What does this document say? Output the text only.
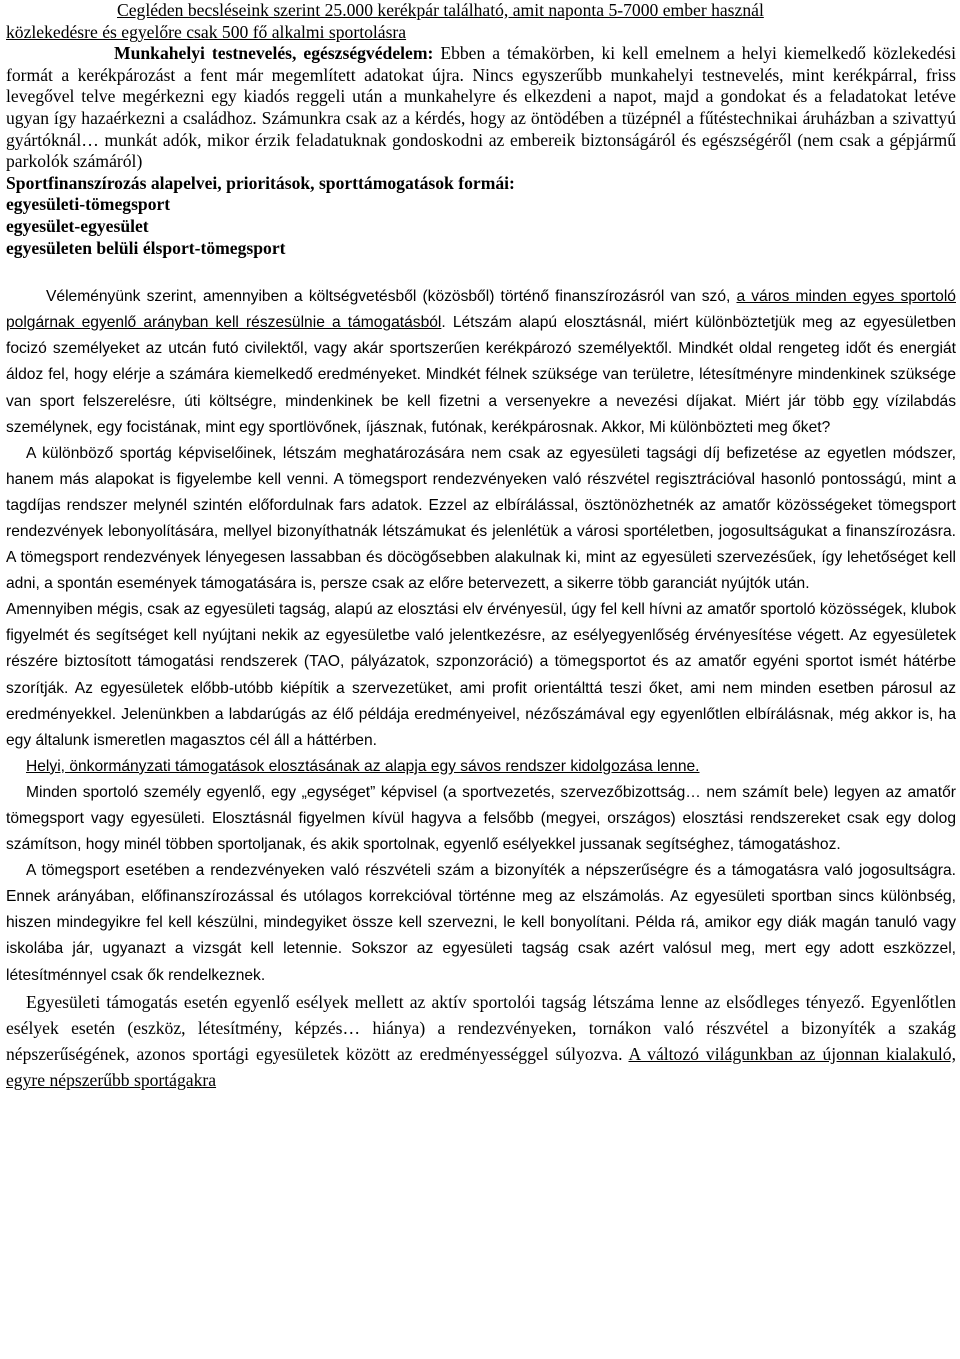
Cegléden becsléseink szerint 25.000 kerékpár található, amit naponta 5-7000 ember használ

közlekedésre és egyelőre csak 500 fő alkalmi sportolásra

Munkahelyi testnevelés, egészségvédelem: Ebben a témakörben, ki kell emelnem a helyi kiemelkedő közlekedési formát a kerékpározást a fent már megemlített adatokat újra. Nincs egyszerűbb munkahelyi testnevelés, mint kerékpárral, friss levegővel telve megérkezni egy kiadós reggeli után a munkahelyre és elkezdeni a napot, majd a gondokat és a feladatokat letéve ugyan így hazaérkezni a családhoz. Számunkra csak az a kérdés, hogy az öntödében a tüzépnél a fűtéstechnikai áruházban a szivattyú gyártóknál… munkát adók, mikor érzik feladatuknak gondoskodni az embereik biztonságáról és egészségéről (nem csak a gépjármű parkolók számáról)

Sportfinanszírozás alapelvei, prioritások, sporttámogatások formái:

egyesületi-tömegsport

egyesület-egyesület

egyesületen belüli élsport-tömegsport

Véleményünk szerint, amennyiben a költségvetésből (közösből) történő finanszírozásról van szó, a város minden egyes sportoló polgárnak egyenlő arányban kell részesülnie a támogatásból. Létszám alapú elosztásnál, miért különböztetjük meg az egyesületben focizó személyeket az utcán futó civilektől, vagy akár sportszerűen kerékpározó személyektől. Mindkét oldal rengeteg időt és energiát áldoz fel, hogy elérje a számára kiemelkedő eredményeket. Mindkét félnek szüksége van területre, létesítményre mindenkinek szüksége van sport felszerelésre, úti költségre, mindenkinek be kell fizetni a versenyekre a nevezési díjakat. Miért jár több egy vízilabdás személynek, egy focistának, mint egy sportlövőnek, íjásznak, futónak, kerékpárosnak. Akkor, Mi különbözteti meg őket?

A különböző sportág képviselőinek, létszám meghatározására nem csak az egyesületi tagsági díj befizetése az egyetlen módszer, hanem más alapokat is figyelembe kell venni. A tömegsport rendezvényeken való részvétel regisztrációval hasonló pontosságú, mint a tagdíjas rendszer melynél szintén előfordulnak fars adatok. Ezzel az elbírálással, ösztönözhetnék az amatőr közösségeket tömegsport rendezvények lebonyolítására, mellyel bizonyíthatnák létszámukat és jelenlétük a városi sportéletben, jogosultságukat a finanszírozásra. A tömegsport rendezvények lényegesen lassabban és döcögősebben alakulnak ki, mint az egyesületi szervezésűek, így lehetőséget kell adni, a spontán események támogatására is, persze csak az előre betervezett, a sikerre több garanciát nyújtók után.

Amennyiben mégis, csak az egyesületi tagság, alapú az elosztási elv érvényesül, úgy fel kell hívni az amatőr sportoló közösségek, klubok figyelmét és segítséget kell nyújtani nekik az egyesületbe való jelentkezésre, az esélyegyenlőség érvényesítése végett. Az egyesületek részére biztosított támogatási rendszerek (TAO, pályázatok, szponzoráció) a tömegsportot és az amatőr egyéni sportot ismét hátérbe szorítják. Az egyesületek előbb-utóbb kiépítik a szervezetüket, ami profit orientálttá teszi őket, ami nem minden esetben párosul az eredményekkel. Jelenünkben a labdarúgás az élő példája eredményeivel, nézőszámával egy egyenlőtlen elbírálásnak, még akkor is, ha egy általunk ismeretlen magasztos cél áll a háttérben.

Helyi, önkormányzati támogatások elosztásának az alapja egy sávos rendszer kidolgozása lenne.

Minden sportoló személy egyenlő, egy „egységet” képvisel (a sportvezetés, szervezőbizottság… nem számít bele) legyen az amatőr tömegsport vagy egyesületi. Elosztásnál figyelmen kívül hagyva a felsőbb (megyei, országos) elosztási rendszereket csak egy dolog számítson, hogy minél többen sportoljanak, és akik sportolnak, egyenlő esélyekkel jussanak segítséghez, támogatáshoz.

A tömegsport esetében a rendezvényeken való részvételi szám a bizonyíték a népszerűségre és a támogatásra való jogosultságra. Ennek arányában, előfinanszírozással és utólagos korrekcióval történne meg az elszámolás. Az egyesületi sportban sincs különbség, hiszen mindegyikre fel kell készülni, mindegyiket össze kell szervezni, le kell bonyolítani. Példa rá, amikor egy diák magán tanuló vagy iskolába jár, ugyanazt a vizsgát kell letennie. Sokszor az egyesületi tagság csak azért valósul meg, mert egy adott eszközzel, létesítménnyel csak ők rendelkeznek.

Egyesületi támogatás esetén egyenlő esélyek mellett az aktív sportolói tagság létszáma lenne az elsődleges tényező. Egyenlőtlen esélyek esetén (eszköz, létesítmény, képzés… hiánya) a rendezvényeken, tornákon való részvétel a bizonyíték a szakág népszerűségének, azonos sportági egyesületek között az eredményességgel súlyozva. A változó világunkban az újonnan kialakuló, egyre népszerűbb sportágakra
